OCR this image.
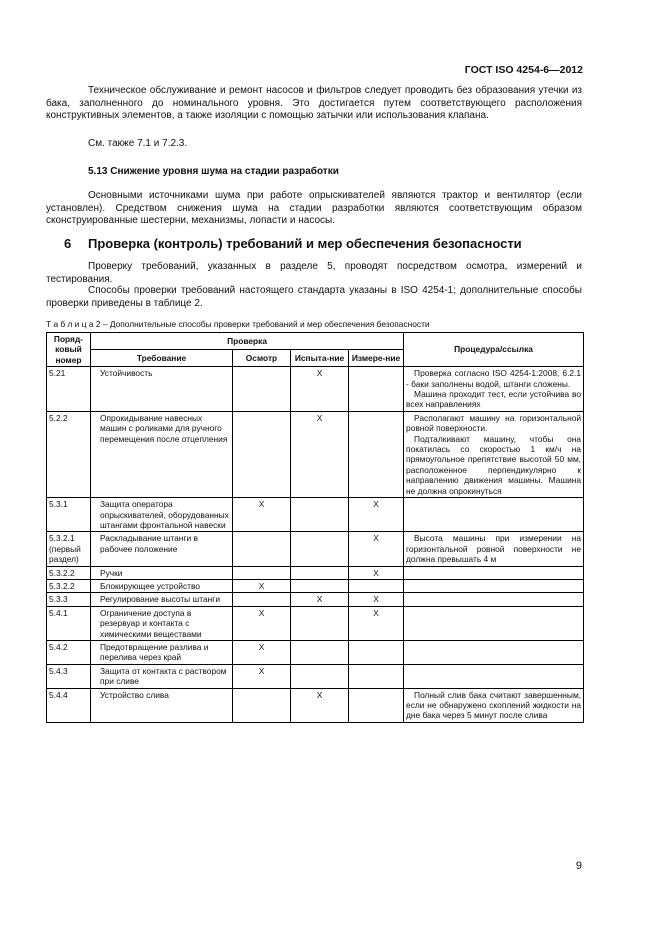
ГОСТ ISO 4254-6—2012
Техническое обслуживание и ремонт насосов и фильтров следует проводить без образования утечки из бака, заполненного до номинального уровня. Это достигается путем соответствующего расположения конструктивных элементов, а также изоляции с помощью затычки или использования клапана.
См. также 7.1 и 7.2.3.
5.13 Снижение уровня шума на стадии разработки
Основными источниками шума при работе опрыскивателей являются трактор и вентилятор (если установлен). Средством снижения шума на стадии разработки являются соответствующим образом сконструированные шестерни, механизмы, лопасти и насосы.
6 Проверка (контроль) требований и мер обеспечения безопасности
Проверку требований, указанных в разделе 5, проводят посредством осмотра, измерений и тестирования.
Способы проверки требований настоящего стандарта указаны в ISO 4254-1; дополнительные способы проверки приведены в таблице 2.
Т а б л и ц а 2 – Дополнительные способы проверки требований и мер обеспечения безопасности
Поряд-ковый номер	Проверка				Процедура/ссылка
	Требование	Осмотр	Испыта-ние	Измере-ние	
5.21	Устойчивость		X		Проверка согласно ISO 4254-1:2008, 6.2.1 - баки заполнены водой, штанги сложены.

Машина проходит тест, если устойчива во всех направлениях

5.2.2	Опрокидывание навесных машин с роликами для ручного перемещения после отцепления		X		Располагают машину на горизонтальной ровной поверхности.

Подталкивают машину, чтобы она покатилась со скоростью 1 км/ч на прямоугольное препятствие высотой 50 мм, расположенное перпендикулярно к направлению движения машины. Машина не должна опрокинуться

5.3.1	Защита оператора опрыскивателей, оборудованных штангами фронтальной навески	X		X	
5.3.2.1 (первый раздел)	Раскладывание штанги в рабочее положение			X	Высота машины при измерении на горизонтальной ровной поверхности не должна превышать 4 м

5.3.2.2	Ручки			X	
5.3.2.2	Блокирующее устройство	X			
5.3.3	Регулирование высоты штанги		X	X	
5.4.1	Ограничение доступа в резервуар и контакта с химическими веществами	X		X	
5.4.2	Предотвращение разлива и перелива через край	X			
5.4.3	Защита от контакта с раствором при сливе	X			
5.4.4	Устройство слива		X		Полный слив бака считают завершенным, если не обнаружено скоплений жидкости на дне бака через 5 минут после слива

9
